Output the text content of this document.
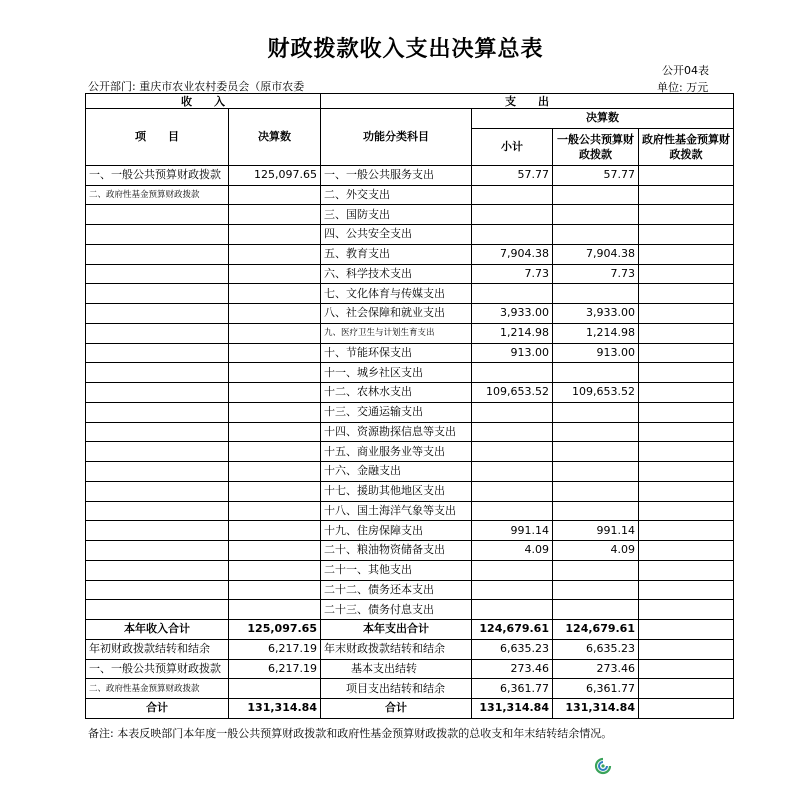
财政拨款收入支出决算总表
公开04表
公开部门: 重庆市农业农村委员会（原市农委	单位: 万元
收　　入		支　　出			
项　　目	决算数	功能分类科目	决算数		
			小计	一般公共预算财政拨款	政府性基金预算财政拨款
一、一般公共预算财政拨款	125,097.65	一、一般公共服务支出	57.77	57.77	
二、政府性基金预算财政拨款		二、外交支出			
		三、国防支出			
		四、公共安全支出			
		五、教育支出	7,904.38	7,904.38	
		六、科学技术支出	7.73	7.73	
		七、文化体育与传媒支出			
		八、社会保障和就业支出	3,933.00	3,933.00	
		九、医疗卫生与计划生育支出	1,214.98	1,214.98	
		十、节能环保支出	913.00	913.00	
		十一、城乡社区支出			
		十二、农林水支出	109,653.52	109,653.52	
		十三、交通运输支出			
		十四、资源勘探信息等支出			
		十五、商业服务业等支出			
		十六、金融支出			
		十七、援助其他地区支出			
		十八、国土海洋气象等支出			
		十九、住房保障支出	991.14	991.14	
		二十、粮油物资储备支出	4.09	4.09	
		二十一、其他支出			
		二十二、债务还本支出			
		二十三、债务付息支出			
本年收入合计	125,097.65	本年支出合计	124,679.61	124,679.61	
年初财政拨款结转和结余	6,217.19	年末财政拨款结转和结余	6,635.23	6,635.23	
一、一般公共预算财政拨款	6,217.19	基本支出结转	273.46	273.46	
二、政府性基金预算财政拨款		项目支出结转和结余	6,361.77	6,361.77	
合计	131,314.84	合计	131,314.84	131,314.84	
备注: 本表反映部门本年度一般公共预算财政拨款和政府性基金预算财政拨款的总收支和年末结转结余情况。
